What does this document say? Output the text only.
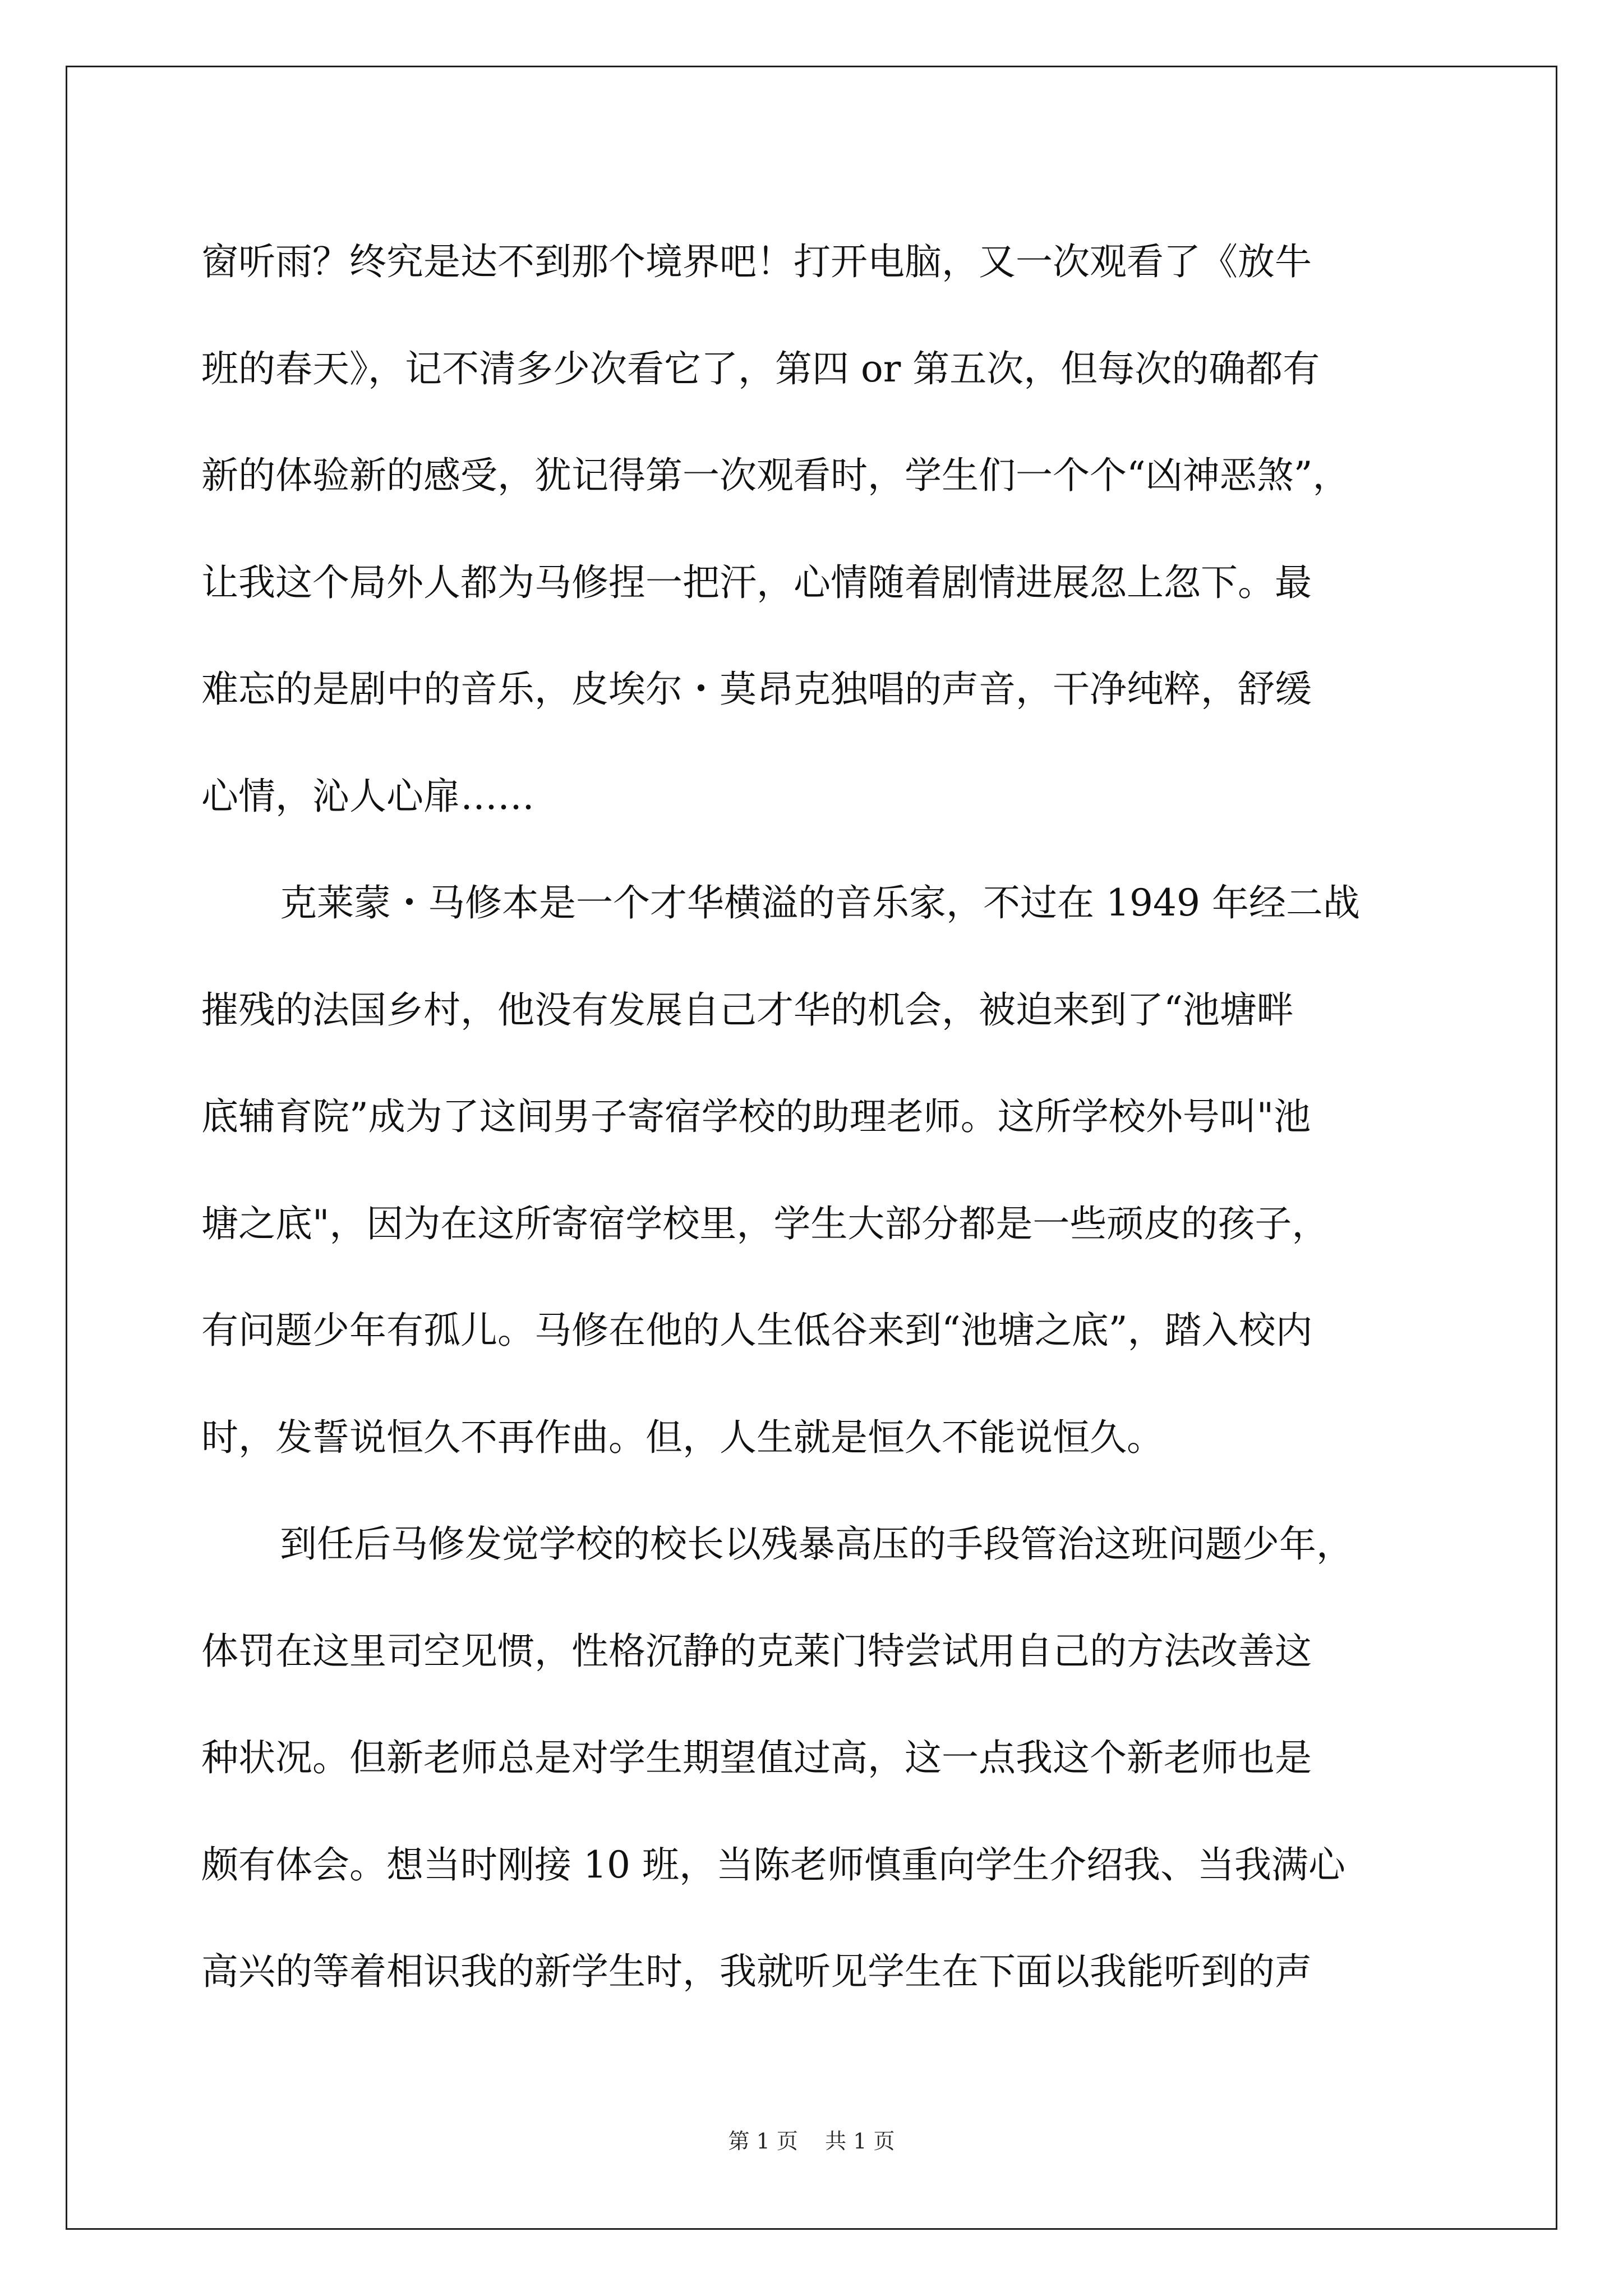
窗听雨？终究是达不到那个境界吧！打开电脑，又一次观看了《放牛
班的春天》，记不清多少次看它了，第四 or 第五次，但每次的确都有
新的体验新的感受，犹记得第一次观看时，学生们一个个“凶神恶煞”，
让我这个局外人都为马修捏一把汗，心情随着剧情进展忽上忽下。最
难忘的是剧中的音乐，皮埃尔・莫昂克独唱的声音，干净纯粹，舒缓
心情，沁人心扉……
克莱蒙・马修本是一个才华横溢的音乐家，不过在 1949 年经二战
摧残的法国乡村，他没有发展自己才华的机会，被迫来到了“池塘畔
底辅育院”成为了这间男子寄宿学校的助理老师。这所学校外号叫"池
塘之底"，因为在这所寄宿学校里，学生大部分都是一些顽皮的孩子，
有问题少年有孤儿。马修在他的人生低谷来到“池塘之底”，踏入校内
时，发誓说恒久不再作曲。但，人生就是恒久不能说恒久。
到任后马修发觉学校的校长以残暴高压的手段管治这班问题少年，
体罚在这里司空见惯，性格沉静的克莱门特尝试用自己的方法改善这
种状况。但新老师总是对学生期望值过高，这一点我这个新老师也是
颇有体会。想当时刚接 10 班，当陈老师慎重向学生介绍我、当我满心
高兴的等着相识我的新学生时，我就听见学生在下面以我能听到的声
第 1 页    共 1 页
